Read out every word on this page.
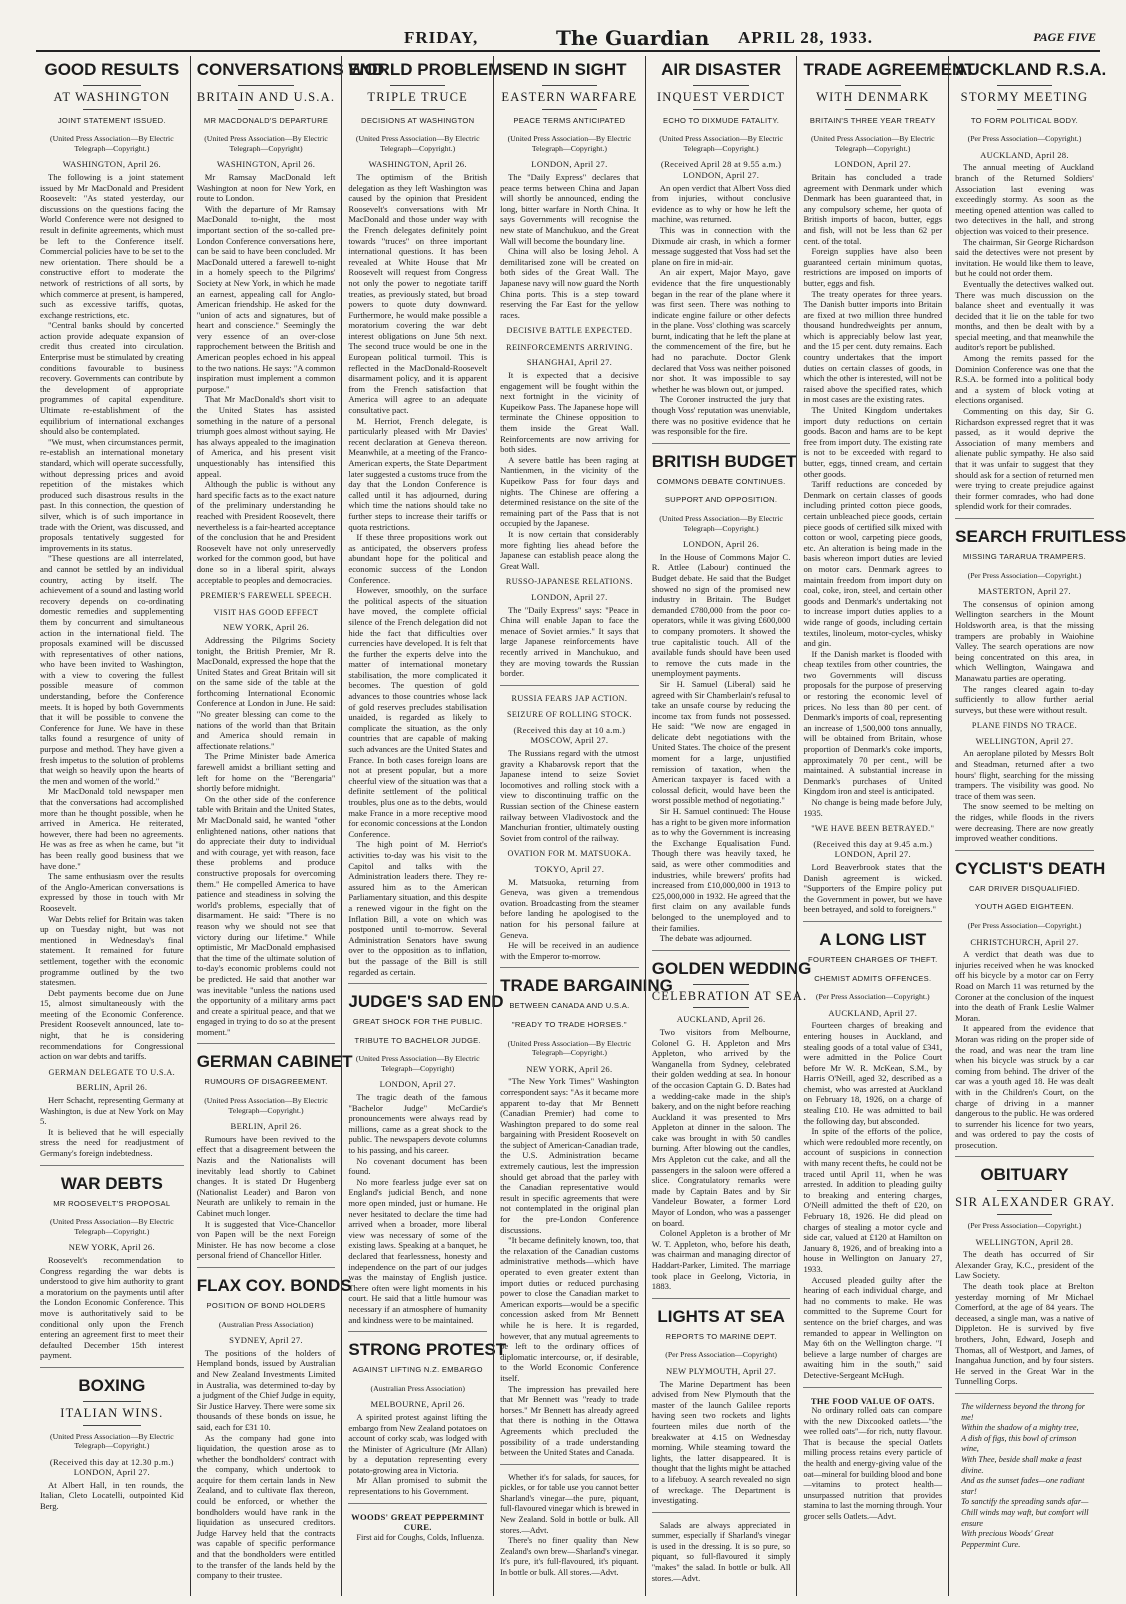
FRIDAY,	The Guardian APRIL 28, 1933.	PAGE FIVE
GOOD RESULTS
AT WASHINGTON
JOINT STATEMENT ISSUED.
(United Press Association—By Electric Telegraph—Copyright.)
WASHINGTON, April 26.

The following is a joint statement issued by Mr MacDonald and President Roosevelt: "As stated yesterday, our discussions on the questions facing the World Conference were not designed to result in definite agreements, which must be left to the Conference itself. Commercial policies have to be set to the new orientation. There should be a constructive effort to moderate the network of restrictions of all sorts, by which commerce at present, is hampered, such as excessive tariffs, quotas, exchange restrictions, etc.

"Central banks should by concerted action provide adequate expansion of credit thus created into circulation. Enterprise must be stimulated by creating conditions favourable to business recovery. Governments can contribute by the development of appropriate programmes of capital expenditure. Ultimate re-establishment of the equilibrium of international exchanges should also be contemplated.

"We must, when circumstances permit, re-establish an international monetary standard, which will operate successfully, without depressing prices and avoid repetition of the mistakes which produced such disastrous results in the past. In this connection, the question of silver, which is of such importance in trade with the Orient, was discussed, and proposals tentatively suggested for improvements in its status.

"These questions are all interrelated, and cannot be settled by an individual country, acting by itself. The achievement of a sound and lasting world recovery depends on co-ordinating domestic remedies and supplementing them by concurrent and simultaneous action in the international field. The proposals examined will be discussed with representatives of other nations, who have been invited to Washington, with a view to covering the fullest possible measure of common understanding, before the Conference meets. It is hoped by both Governments that it will be possible to convene the Conference for June. We have in these talks found a resurgence of unity of purpose and method. They have given a fresh impetus to the solution of problems that weigh so heavily upon the hearts of the men and women of the world."

Mr MacDonald told newspaper men that the conversations had accomplished more than he thought possible, when he arrived in America. He reiterated, however, there had been no agreements. He was as free as when he came, but "it has been really good business that we have done."

The same enthusiasm over the results of the Anglo-American conversations is expressed by those in touch with Mr Roosevelt.

War Debts relief for Britain was taken up on Tuesday night, but was not mentioned in Wednesday's final statement. It remained for future settlement, together with the economic programme outlined by the two statesmen.

Debt payments become due on June 15, almost simultaneously with the meeting of the Economic Conference. President Roosevelt announced, late to-night, that he is considering recommendations for Congressional action on war debts and tariffs.

GERMAN DELEGATE TO U.S.A.
BERLIN, April 26.

Herr Schacht, representing Germany at Washington, is due at New York on May 5.

It is believed that he will especially stress the need for readjustment of Germany's foreign indebtedness.

WAR DEBTS
MR ROOSEVELT'S PROPOSAL
(United Press Association—By Electric Telegraph—Copyright.)
NEW YORK, April 26.

Roosevelt's recommendation to Congress regarding the war debts is understood to give him authority to grant a moratorium on the payments until after the London Economic Conference. This move is authoritatively said to be conditional only upon the French entering an agreement first to meet their defaulted December 15th interest payment.

BOXING
ITALIAN WINS.
(United Press Association—By Electric Telegraph—Copyright.)
(Received this day at 12.30 p.m.) LONDON, April 27.

At Albert Hall, in ten rounds, the Italian, Cleto Locatelli, outpointed Kid Berg.

CONVERSATIONS END
BRITAIN AND U.S.A.
MR MACDONALD'S DEPARTURE
(United Press Association—By Electric Telegraph—Copyright)
WASHINGTON, April 26.

Mr Ramsay MacDonald left Washington at noon for New York, en route to London.

With the departure of Mr Ramsay MacDonald to-night, the most important section of the so-called pre-London Conference conversations here, can be said to have been concluded. Mr MacDonald uttered a farewell to-night in a homely speech to the Pilgrims' Society at New York, in which he made an earnest, appealing call for Anglo-American friendship. He asked for the "union of acts and signatures, but of heart and conscience." Seemingly the very essence of an over-close rapprochement between the British and American peoples echoed in his appeal to the two nations. He says: "A common inspiration must implement a common purpose."

That Mr MacDonald's short visit to the United States has assisted something in the nature of a personal triumph goes almost without saying. He has always appealed to the imagination of America, and his present visit unquestionably has intensified this appeal.

Although the public is without any hard specific facts as to the exact nature of the preliminary understanding he reached with President Roosevelt, there nevertheless is a fair-hearted acceptance of the conclusion that he and President Roosevelt have not only unreservedly worked for the common good, but have done so in a liberal spirit, always acceptable to peoples and democracies.

PREMIER'S FAREWELL SPEECH.
VISIT HAS GOOD EFFECT
NEW YORK, April 26.

Addressing the Pilgrims Society tonight, the British Premier, Mr R. MacDonald, expressed the hope that the United States and Great Britain will sit on the same side of the table at the forthcoming International Economic Conference at London in June. He said: "No greater blessing can come to the nations of the world than that Britain and America should remain in affectionate relations."

The Prime Minister bade America farewell amidst a brilliant setting and left for home on the "Berengaria" shortly before midnight.

On the other side of the conference table with Britain and the United States, Mr MacDonald said, he wanted "other enlightened nations, other nations that do appreciate their duty to individual and with courage, yet with reason, face these problems and produce constructive proposals for overcoming them." He compelled America to have patience and steadiness in solving the world's problems, especially that of disarmament. He said: "There is no reason why we should not see that victory during our lifetime." While optimistic, Mr MacDonald emphasised that the time of the ultimate solution of to-day's economic problems could not be predicted. He said that another war was inevitable "unless the nations used the opportunity of a military arms pact and create a spiritual peace, and that we engaged in trying to do so at the present moment."

GERMAN CABINET
RUMOURS OF DISAGREEMENT.
(United Press Association—By Electric Telegraph—Copyright.)
BERLIN, April 26.

Rumours have been revived to the effect that a disagreement between the Nazis and the Nationalists will inevitably lead shortly to Cabinet changes. It is stated Dr Hugenberg (Nationalist Leader) and Baron von Neurath are unlikely to remain in the Cabinet much longer.

It is suggested that Vice-Chancellor von Papen will be the next Foreign Minister. He has now become a close personal friend of Chancellor Hitler.

FLAX COY. BONDS
POSITION OF BOND HOLDERS
(Australian Press Association)
SYDNEY, April 27.

The positions of the holders of Hempland bonds, issued by Australian and New Zealand Investments Limited in Australia, was determined to-day by a judgment of the Chief Judge in equity, Sir Justice Harvey. There were some six thousands of these bonds on issue, he said, each for £31 10.

As the company had gone into liquidation, the question arose as to whether the bondholders' contract with the company, which undertook to acquire for them certain lands in New Zealand, and to cultivate flax thereon, could be enforced, or whether the bondholders would have rank in the liquidation as unsecured creditors. Judge Harvey held that the contracts was capable of specific performance and that the bondholders were entitled to the transfer of the lands held by the company to their trustee.

WORLD PROBLEMS
TRIPLE TRUCE
DECISIONS AT WASHINGTON
(United Press Association—By Electric Telegraph—Copyright.)
WASHINGTON, April 26.

The optimism of the British delegation as they left Washington was caused by the opinion that President Roosevelt's conversations with Mr MacDonald and those under way with the French delegates definitely point towards "truces" on three important international questions. It has been revealed at White House that Mr Roosevelt will request from Congress not only the power to negotiate tariff treaties, as previously stated, but broad powers to quote duty downward. Furthermore, he would make possible a moratorium covering the war debt interest obligations on June 5th next. The second truce would be one in the European political turmoil. This is reflected in the MacDonald-Roosevelt disarmament policy, and it is apparent from the French satisfaction that America will agree to an adequate consultative pact.

M. Herriot, French delegate, is particularly pleased with Mr Davies' recent declaration at Geneva thereon. Meanwhile, at a meeting of the Franco-American experts, the State Department later suggested a customs truce from the day that the London Conference is called until it has adjourned, during which time the nations should take no further steps to increase their tariffs or quota restrictions.

If these three propositions work out as anticipated, the observers profess abundant hope for the political and economic success of the London Conference.

However, smoothly, on the surface the political aspects of the situation have moved, the complete official silence of the French delegation did not hide the fact that difficulties over currencies have developed. It is felt that the further the experts delve into the matter of international monetary stabilisation, the more complicated it becomes. The question of gold advances to those countries whose lack of gold reserves precludes stabilisation unaided, is regarded as likely to complicate the situation, as the only countries that are capable of making such advances are the United States and France. In both cases foreign loans are not at present popular, but a more cheerful view of the situation was that a definite settlement of the political troubles, plus one as to the debts, would make France in a more receptive mood for economic concessions at the London Conference.

The high point of M. Herriot's activities to-day was his visit to the Capitol and talks with the Administration leaders there. They re-assured him as to the American Parliamentary situation, and this despite a renewed vigour in the fight on the Inflation Bill, a vote on which was postponed until to-morrow. Several Administration Senators have swung over to the opposition as to inflation, but the passage of the Bill is still regarded as certain.

JUDGE'S SAD END
GREAT SHOCK FOR THE PUBLIC.
TRIBUTE TO BACHELOR JUDGE.
(United Press Association—By Electric Telegraph—Copyright)
LONDON, April 27.

The tragic death of the famous "Bachelor Judge" McCardie's pronouncements were always read by millions, came as a great shock to the public. The newspapers devote columns to his passing, and his career.

No covenant document has been found.

No more fearless judge ever sat on England's judicial Bench, and none more open minded, just or humane. He never hesitated to declare the time had arrived when a broader, more liberal view was necessary of some of the existing laws. Speaking at a banquet, he declared that fearlessness, honesty and independence on the part of our judges was the mainstay of English justice. There often were light moments in his court. He said that a little humour was necessary if an atmosphere of humanity and kindness were to be maintained.

STRONG PROTEST
AGAINST LIFTING N.Z. EMBARGO
(Australian Press Association)
MELBOURNE, April 26.

A spirited protest against lifting the embargo from New Zealand potatoes on account of corky scab, was lodged with the Minister of Agriculture (Mr Allan) by a deputation representing every potato-growing area in Victoria.

Mr Allan promised to submit the representations to his Government.

WOODS' GREAT PEPPERMINT CURE.

First aid for Coughs, Colds, Influenza.

END IN SIGHT
EASTERN WARFARE
PEACE TERMS ANTICIPATED
(United Press Association—By Electric Telegraph—Copyright.)
LONDON, April 27.

The "Daily Express" declares that peace terms between China and Japan will shortly be announced, ending the long, bitter warfare in North China. It says Governments will recognise the new state of Manchukuo, and the Great Wall will become the boundary line.

China will also be losing Jehol. A demilitarised zone will be created on both sides of the Great Wall. The Japanese navy will now guard the North China ports. This is a step toward reserving the Far East for the yellow races.

DECISIVE BATTLE EXPECTED.
REINFORCEMENTS ARRIVING.
SHANGHAI, April 27.

It is expected that a decisive engagement will be fought within the next fortnight in the vicinity of Kupeikow Pass. The Japanese hope will terminate the Chinese opposition to them inside the Great Wall. Reinforcements are now arriving for both sides.

A severe battle has been raging at Nantienmen, in the vicinity of the Kupeikow Pass for four days and nights. The Chinese are offering a determined resistance on the site of the remaining part of the Pass that is not occupied by the Japanese.

It is now certain that considerably more fighting lies ahead before the Japanese can establish peace along the Great Wall.

RUSSO-JAPANESE RELATIONS.
LONDON, April 27.

The "Daily Express" says: "Peace in China will enable Japan to face the menace of Soviet armies." It says that large Japanese reinforcements have recently arrived in Manchukuo, and they are moving towards the Russian border.

RUSSIA FEARS JAP ACTION.
SEIZURE OF ROLLING STOCK.
(Received this day at 10 a.m.) MOSCOW, April 27.

The Russians regard with the utmost gravity a Khabarovsk report that the Japanese intend to seize Soviet locomotives and rolling stock with a view to discontinuing traffic on the Russian section of the Chinese eastern railway between Vladivostock and the Manchurian frontier, ultimately ousting Soviet from control of the railway.

OVATION FOR M. MATSUOKA.
TOKYO, April 27.

M. Matsuoka, returning from Geneva, was given a tremendous ovation. Broadcasting from the steamer before landing he apologised to the nation for his personal failure at Geneva.

He will be received in an audience with the Emperor to-morrow.

TRADE BARGAINING
BETWEEN CANADA AND U.S.A.
"READY TO TRADE HORSES."
(United Press Association—By Electric Telegraph—Copyright.)
NEW YORK, April 26.

"The New York Times" Washington correspondent says: "As it became more apparent to-day that Mr Bennett (Canadian Premier) had come to Washington prepared to do some real bargaining with President Roosevelt on the subject of American-Canadian trade, the U.S. Administration became extremely cautious, lest the impression should get abroad that the parley with the Canadian representative would result in specific agreements that were not contemplated in the original plan for the pre-London Conference discussions.

"It became definitely known, too, that the relaxation of the Canadian customs administrative methods—which have operated to even greater extent than import duties or reduced purchasing power to close the Canadian market to American exports—would be a specific concession asked from Mr Bennett while he is here. It is regarded, however, that any mutual agreements to be left to the ordinary offices of diplomatic intercourse, or, if desirable, to the World Economic Conference itself.

The impression has prevailed here that Mr Bennett was "ready to trade horses." Mr Bennett has already agreed that there is nothing in the Ottawa Agreements which precluded the possibility of a trade understanding between the United States and Canada.

Whether it's for salads, for sauces, for pickles, or for table use you cannot better Sharland's vinegar—the pure, piquant, full-flavoured vinegar which is brewed in New Zealand. Sold in bottle or bulk. All stores.—Advt.

There's no finer quality than New Zealand's own brew—Sharland's vinegar. It's pure, it's full-flavoured, it's piquant. In bottle or bulk. All stores.—Advt.

AIR DISASTER
INQUEST VERDICT
ECHO TO DIXMUDE FATALITY.
(United Press Association—By Electric Telegraph—Copyright.)
(Received April 28 at 9.55 a.m.) LONDON, April 27.

An open verdict that Albert Voss died from injuries, without conclusive evidence as to why or how he left the machine, was returned.

This was in connection with the Dixmude air crash, in which a former message suggested that Voss had set the plane on fire in mid-air.

An air expert, Major Mayo, gave evidence that the fire unquestionably began in the rear of the plane where it was first seen. There was nothing to indicate engine failure or other defects in the plane. Voss' clothing was scarcely burnt, indicating that he left the plane at the commencement of the fire, but he had no parachute. Doctor Glenk declared that Voss was neither poisoned nor shot. It was impossible to say whether he was blown out, or jumped.

The Coroner instructed the jury that though Voss' reputation was unenviable, there was no positive evidence that he was responsible for the fire.

BRITISH BUDGET
COMMONS DEBATE CONTINUES.
SUPPORT AND OPPOSITION.
(United Press Association—By Electric Telegraph—Copyright.)
LONDON, April 26.

In the House of Commons Major C. R. Attlee (Labour) continued the Budget debate. He said that the Budget showed no sign of the promised new industry in Britain. The Budget demanded £780,000 from the poor co-operators, while it was giving £600,000 to company promoters. It showed the true capitalistic touch. All of the available funds should have been used to remove the cuts made in the unemployment payments.

Sir H. Samuel (Liberal) said he agreed with Sir Chamberlain's refusal to take an unsafe course by reducing the income tax from funds not possessed. He said: "We now are engaged in delicate debt negotiations with the United States. The choice of the present moment for a large, unjustified remission of taxation, when the American taxpayer is faced with a colossal deficit, would have been the worst possible method of negotiating."

Sir H. Samuel continued: The House has a right to be given more information as to why the Government is increasing the Exchange Equalisation Fund. Though there was heavily taxed, he said, as were other commodities and industries, while brewers' profits had increased from £10,000,000 in 1913 to £25,000,000 in 1932. He agreed that the first claim on any available funds belonged to the unemployed and to their families.

The debate was adjourned.

GOLDEN WEDDING
CELEBRATION AT SEA.
AUCKLAND, April 26.

Two visitors from Melbourne, Colonel G. H. Appleton and Mrs Appleton, who arrived by the Wanganella from Sydney, celebrated their golden wedding at sea. In honour of the occasion Captain G. D. Bates had a wedding-cake made in the ship's bakery, and on the night before reaching Auckland it was presented to Mrs Appleton at dinner in the saloon. The cake was brought in with 50 candles burning. After blowing out the candles, Mrs Appleton cut the cake, and all the passengers in the saloon were offered a slice. Congratulatory remarks were made by Captain Bates and by Sir Vandeleur Bowater, a former Lord Mayor of London, who was a passenger on board.

Colonel Appleton is a brother of Mr W. T. Appleton, who, before his death, was chairman and managing director of Haddart-Parker, Limited. The marriage took place in Geelong, Victoria, in 1883.

LIGHTS AT SEA
REPORTS TO MARINE DEPT.
(Per Press Association—Copyright)
NEW PLYMOUTH, April 27.

The Marine Department has been advised from New Plymouth that the master of the launch Galilee reports having seen two rockets and lights fourteen miles due north of the breakwater at 4.15 on Wednesday morning. While steaming toward the lights, the latter disappeared. It is thought that the lights might be attached to a lifebuoy. A search revealed no sign of wreckage. The Department is investigating.

Salads are always appreciated in summer, especially if Sharland's vinegar is used in the dressing. It is so pure, so piquant, so full-flavoured it simply "makes" the salad. In bottle or bulk. All stores.—Advt.

TRADE AGREEMENT
WITH DENMARK
BRITAIN'S THREE YEAR TREATY
(United Press Association—By Electric Telegraph—Copyright.)
LONDON, April 27.

Britain has concluded a trade agreement with Denmark under which Denmark has been guaranteed that, in any compulsory scheme, her quota of British imports of bacon, butter, eggs and fish, will not be less than 62 per cent. of the total.

Foreign supplies have also been guaranteed certain minimum quotas, restrictions are imposed on imports of butter, eggs and fish.

The treaty operates for three years. The Danish butter imports into Britain are fixed at two million three hundred thousand hundredweights per annum, which is appreciably below last year, and the 15 per cent. duty remains. Each country undertakes that the import duties on certain classes of goods, in which the other is interested, will not be raised above the specified rates, which in most cases are the existing rates.

The United Kingdom undertakes import duty reductions on certain goods. Bacon and hams are to be kept free from import duty. The existing rate is not to be exceeded with regard to butter, eggs, tinned cream, and certain other goods.

Tariff reductions are conceded by Denmark on certain classes of goods including printed cotton piece goods, certain unbleached piece goods, certain piece goods of certified silk mixed with cotton or wool, carpeting piece goods, etc. An alteration is being made in the basis whereon import duties are levied on motor cars. Denmark agrees to maintain freedom from import duty on coal, coke, iron, steel, and certain other goods and Denmark's undertaking not to increase import duties applies to a wide range of goods, including certain textiles, linoleum, motor-cycles, whisky and gin.

If the Danish market is flooded with cheap textiles from other countries, the two Governments will discuss proposals for the purpose of preserving or restoring the economic level of prices. No less than 80 per cent. of Denmark's imports of coal, representing an increase of 1,500,000 tons annually, will be obtained from Britain, whose proportion of Denmark's coke imports, approximately 70 per cent., will be maintained. A substantial increase in Denmark's purchases of United Kingdom iron and steel is anticipated.

No change is being made before July, 1935.

"WE HAVE BEEN BETRAYED."
(Received this day at 9.45 a.m.) LONDON, April 27.

Lord Beaverbrook states that the Danish agreement is wicked. "Supporters of the Empire policy put the Government in power, but we have been betrayed, and sold to foreigners."

A LONG LIST
FOURTEEN CHARGES OF THEFT.
CHEMIST ADMITS OFFENCES.
(Per Press Association—Copyright.)
AUCKLAND, April 27.

Fourteen charges of breaking and entering houses in Auckland, and stealing goods of a total value of £341, were admitted in the Police Court before Mr W. R. McKean, S.M., by Harris O'Neill, aged 32, described as a chemist, who was arrested at Auckland on February 18, 1926, on a charge of stealing £10. He was admitted to bail the following day, but absconded.

In spite of the efforts of the police, which were redoubled more recently, on account of suspicions in connection with many recent thefts, he could not be traced until April 11, when he was arrested. In addition to pleading guilty to breaking and entering charges, O'Neill admitted the theft of £20, on February 18, 1926. He did plead on charges of stealing a motor cycle and side car, valued at £120 at Hamilton on January 8, 1926, and of breaking into a house in Wellington on January 27, 1933.

Accused pleaded guilty after the hearing of each individual charge, and had no comments to make. He was committed to the Supreme Court for sentence on the brief charges, and was remanded to appear in Wellington on May 6th on the Wellington charge. "I believe a large number of charges are awaiting him in the south," said Detective-Sergeant McHugh.

THE FOOD VALUE OF OATS.

No ordinary rolled oats can compare with the new Dixcooked oatlets—"the wee rolled oats"—for rich, nutty flavour. That is because the special Oatlets milling process retains every particle of the health and energy-giving value of the oat—mineral for building blood and bone—vitamins to protect health—unsurpassed nutrition that provides stamina to last the morning through. Your grocer sells Oatlets.—Advt.

AUCKLAND R.S.A.
STORMY MEETING
TO FORM POLITICAL BODY.
(Per Press Association—Copyright.)
AUCKLAND, April 28.

The annual meeting of Auckland branch of the Returned Soldiers' Association last evening was exceedingly stormy. As soon as the meeting opened attention was called to two detectives in the hall, and strong objection was voiced to their presence.

The chairman, Sir George Richardson said the detectives were not present by invitation. He would like them to leave, but he could not order them.

Eventually the detectives walked out. There was much discussion on the balance sheet and eventually it was decided that it lie on the table for two months, and then be dealt with by a special meeting, and that meanwhile the auditor's report be published.

Among the remits passed for the Dominion Conference was one that the R.S.A. be formed into a political body and a system of block voting at elections organised.

Commenting on this day, Sir G. Richardson expressed regret that it was passed, as it would deprive the Association of many members and alienate public sympathy. He also said that it was unfair to suggest that they should ask for a section of returned men were trying to create prejudice against their former comrades, who had done splendid work for their comrades.

SEARCH FRUITLESS
MISSING TARARUA TRAMPERS.
(Per Press Association—Copyright.)
MASTERTON, April 27.

The consensus of opinion among Wellington searchers in the Mount Holdsworth area, is that the missing trampers are probably in Waiohine Valley. The search operations are now being concentrated on this area, in which Wellington, Waingawa and Manawatu parties are operating.

The ranges cleared again to-day sufficiently to allow further aerial surveys, but these were without result.

PLANE FINDS NO TRACE.
WELLINGTON, April 27.

An aeroplane piloted by Messrs Bolt and Steadman, returned after a two hours' flight, searching for the missing trampers. The visibility was good. No trace of them was seen.

The snow seemed to be melting on the ridges, while floods in the rivers were decreasing. There are now greatly improved weather conditions.

CYCLIST'S DEATH
CAR DRIVER DISQUALIFIED.
YOUTH AGED EIGHTEEN.
(Per Press Association—Copyright.)
CHRISTCHURCH, April 27.

A verdict that death was due to injuries received when he was knocked off his bicycle by a motor car on Ferry Road on March 11 was returned by the Coroner at the conclusion of the inquest into the death of Frank Leslie Walmer Moran.

It appeared from the evidence that Moran was riding on the proper side of the road, and was near the tram line when his bicycle was struck by a car coming from behind. The driver of the car was a youth aged 18. He was dealt with in the Children's Court, on the charge of driving in a manner dangerous to the public. He was ordered to surrender his licence for two years, and was ordered to pay the costs of prosecution.

OBITUARY
SIR ALEXANDER GRAY.
(Per Press Association—Copyright.)
WELLINGTON, April 28.

The death has occurred of Sir Alexander Gray, K.C., president of the Law Society.

The death took place at Brelton yesterday morning of Mr Michael Comerford, at the age of 84 years. The deceased, a single man, was a native of Dippleton. He is survived by five brothers, John, Edward, Joseph and Thomas, all of Westport, and James, of Inangahua Junction, and by four sisters. He served in the Great War in the Tunnelling Corps.

The wilderness beyond the throng for me!

Within the shadow of a mighty tree,

A dish of figs, this bowl of crimson wine,

With Thee, beside shall make a feast divine.

And as the sunset fades—one radiant star!

To sanctify the spreading sands afar—

Chill winds may waft, but comfort will ensure

With precious Woods' Great Peppermint Cure.
